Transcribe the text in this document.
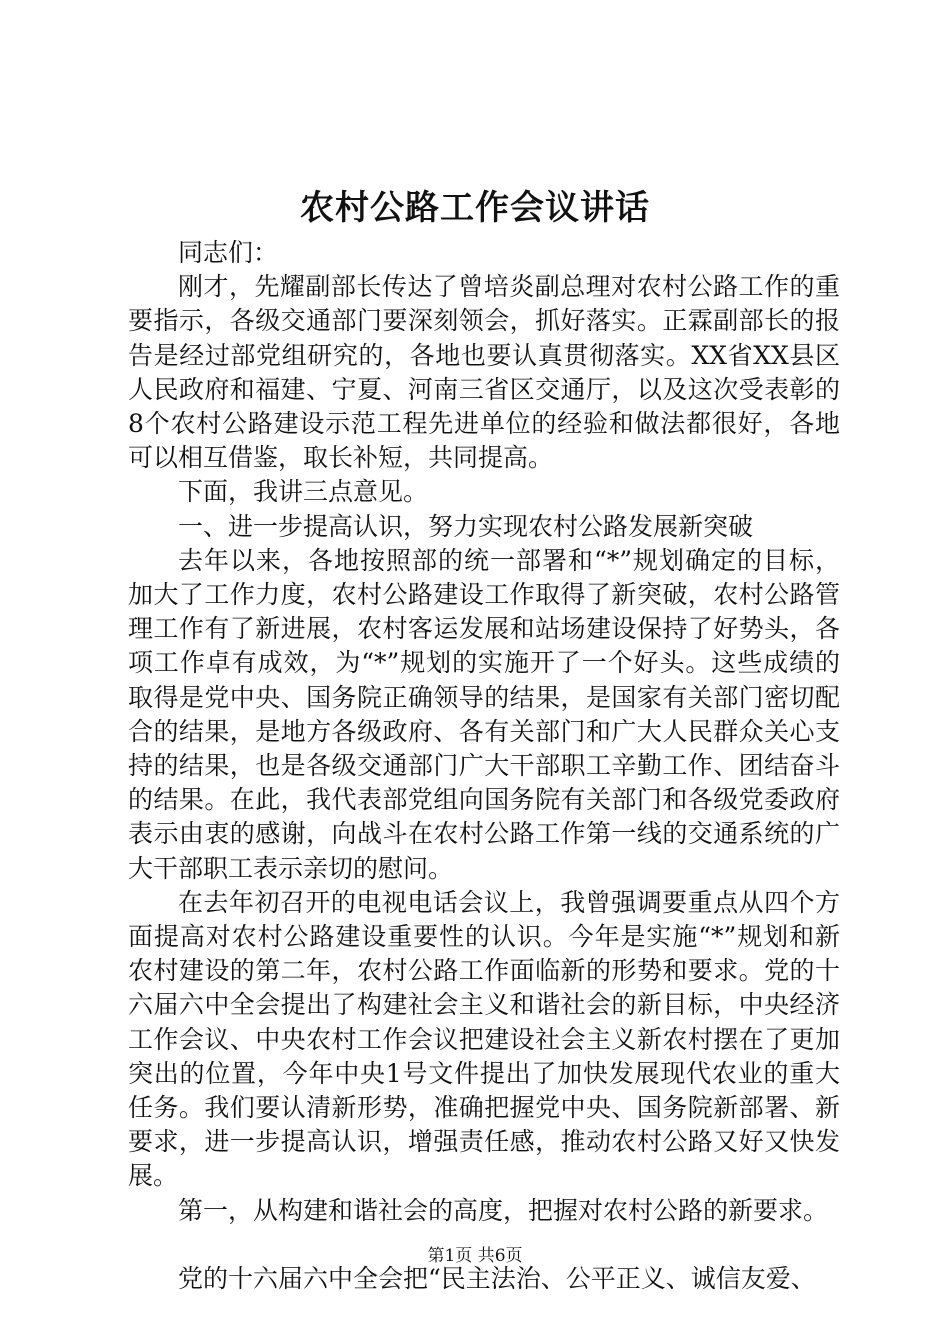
农村公路工作会议讲话

同志们：

刚才，先耀副部长传达了曾培炎副总理对农村公路工作的重要指示，各级交通部门要深刻领会，抓好落实。正霖副部长的报告是经过部党组研究的，各地也要认真贯彻落实。XX省XX县区人民政府和福建、宁夏、河南三省区交通厅，以及这次受表彰的8个农村公路建设示范工程先进单位的经验和做法都很好，各地可以相互借鉴，取长补短，共同提高。

下面，我讲三点意见。

一、进一步提高认识，努力实现农村公路发展新突破

去年以来，各地按照部的统一部署和“*”规划确定的目标，加大了工作力度，农村公路建设工作取得了新突破，农村公路管理工作有了新进展，农村客运发展和站场建设保持了好势头，各项工作卓有成效，为“*”规划的实施开了一个好头。这些成绩的取得是党中央、国务院正确领导的结果，是国家有关部门密切配合的结果，是地方各级政府、各有关部门和广大人民群众关心支持的结果，也是各级交通部门广大干部职工辛勤工作、团结奋斗的结果。在此，我代表部党组向国务院有关部门和各级党委政府表示由衷的感谢，向战斗在农村公路工作第一线的交通系统的广大干部职工表示亲切的慰问。

在去年初召开的电视电话会议上，我曾强调要重点从四个方面提高对农村公路建设重要性的认识。今年是实施“*”规划和新农村建设的第二年，农村公路工作面临新的形势和要求。党的十六届六中全会提出了构建社会主义和谐社会的新目标，中央经济工作会议、中央农村工作会议把建设社会主义新农村摆在了更加突出的位置，今年中央1号文件提出了加快发展现代农业的重大任务。我们要认清新形势，准确把握党中央、国务院新部署、新要求，进一步提高认识，增强责任感，推动农村公路又好又快发展。

第一，从构建和谐社会的高度，把握对农村公路的新要求。

党的十六届六中全会把“民主法治、公平正义、诚信友爱、

第1页 共6页
